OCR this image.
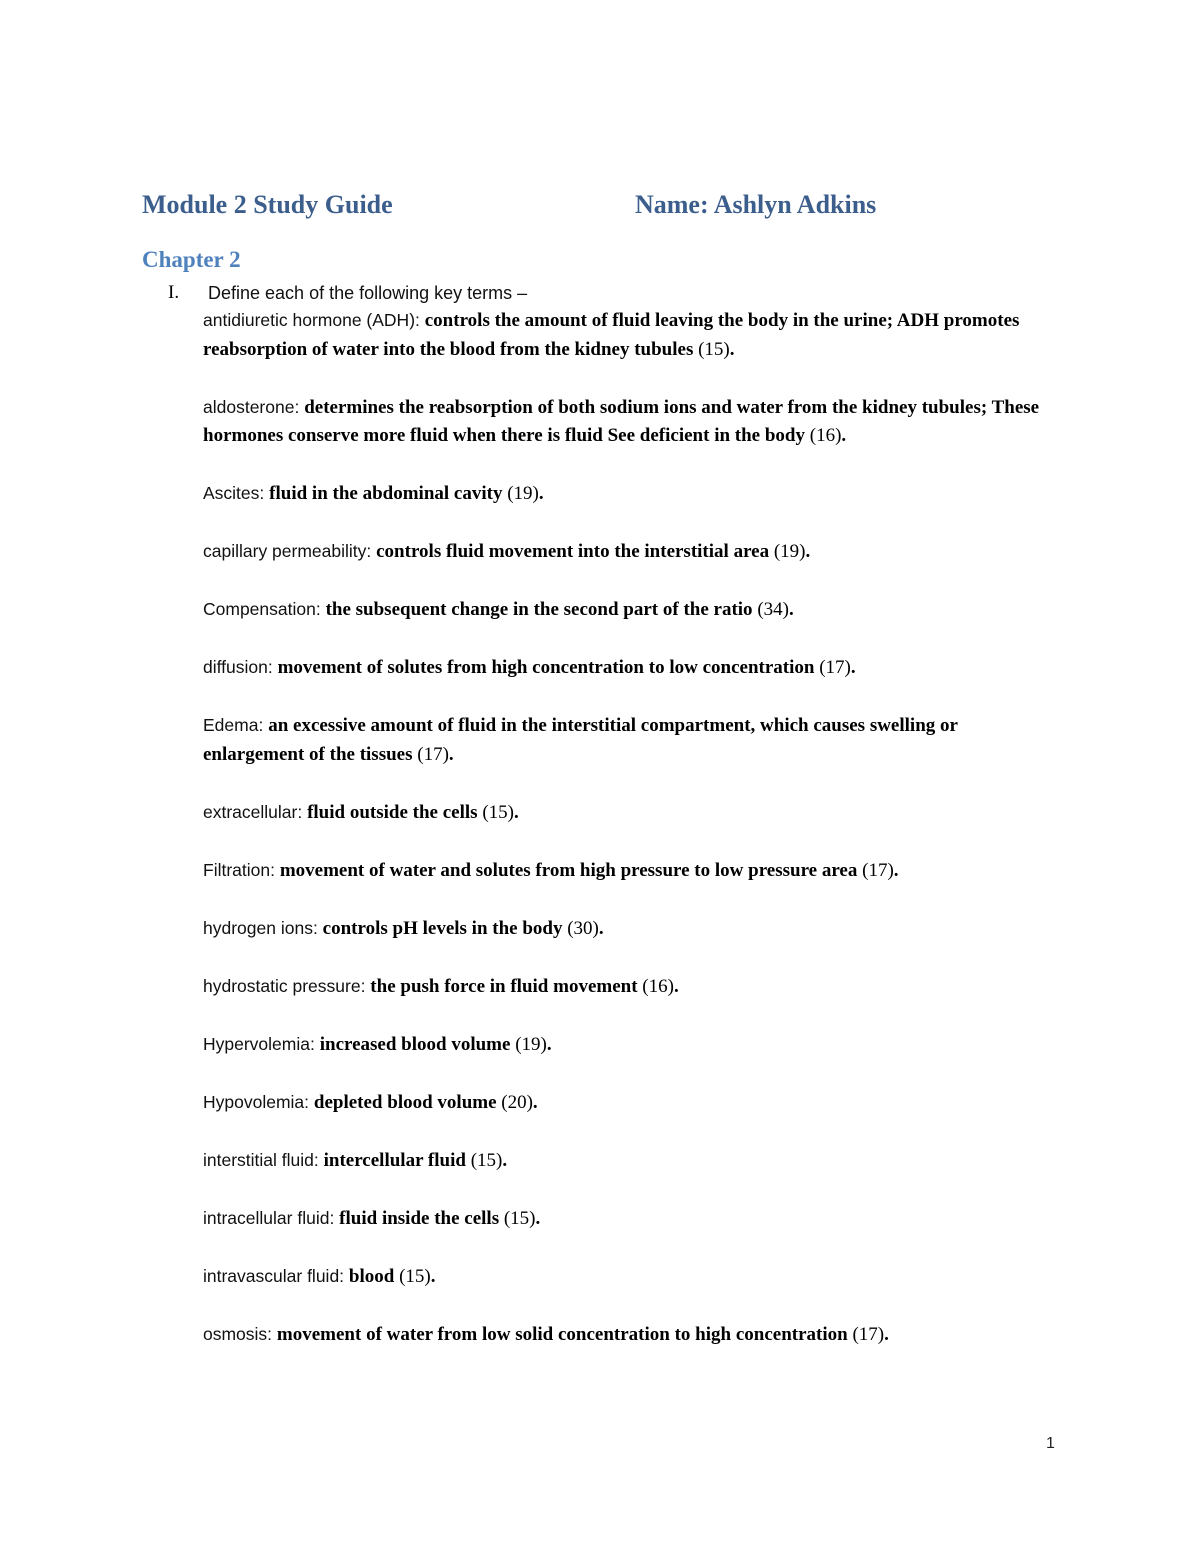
Module 2 Study Guide	Name: Ashlyn Adkins
Chapter 2
I. Define each of the following key terms –
antidiuretic hormone (ADH): controls the amount of fluid leaving the body in the urine; ADH promotes reabsorption of water into the blood from the kidney tubules (15).
aldosterone: determines the reabsorption of both sodium ions and water from the kidney tubules; These hormones conserve more fluid when there is fluid See deficient in the body (16).
Ascites: fluid in the abdominal cavity (19).
capillary permeability: controls fluid movement into the interstitial area (19).
Compensation: the subsequent change in the second part of the ratio (34).
diffusion: movement of solutes from high concentration to low concentration (17).
Edema: an excessive amount of fluid in the interstitial compartment, which causes swelling or enlargement of the tissues (17).
extracellular: fluid outside the cells (15).
Filtration: movement of water and solutes from high pressure to low pressure area (17).
hydrogen ions: controls pH levels in the body (30).
hydrostatic pressure: the push force in fluid movement (16).
Hypervolemia: increased blood volume (19).
Hypovolemia: depleted blood volume (20).
interstitial fluid: intercellular fluid (15).
intracellular fluid: fluid inside the cells (15).
intravascular fluid: blood (15).
osmosis: movement of water from low solid concentration to high concentration (17).
1
